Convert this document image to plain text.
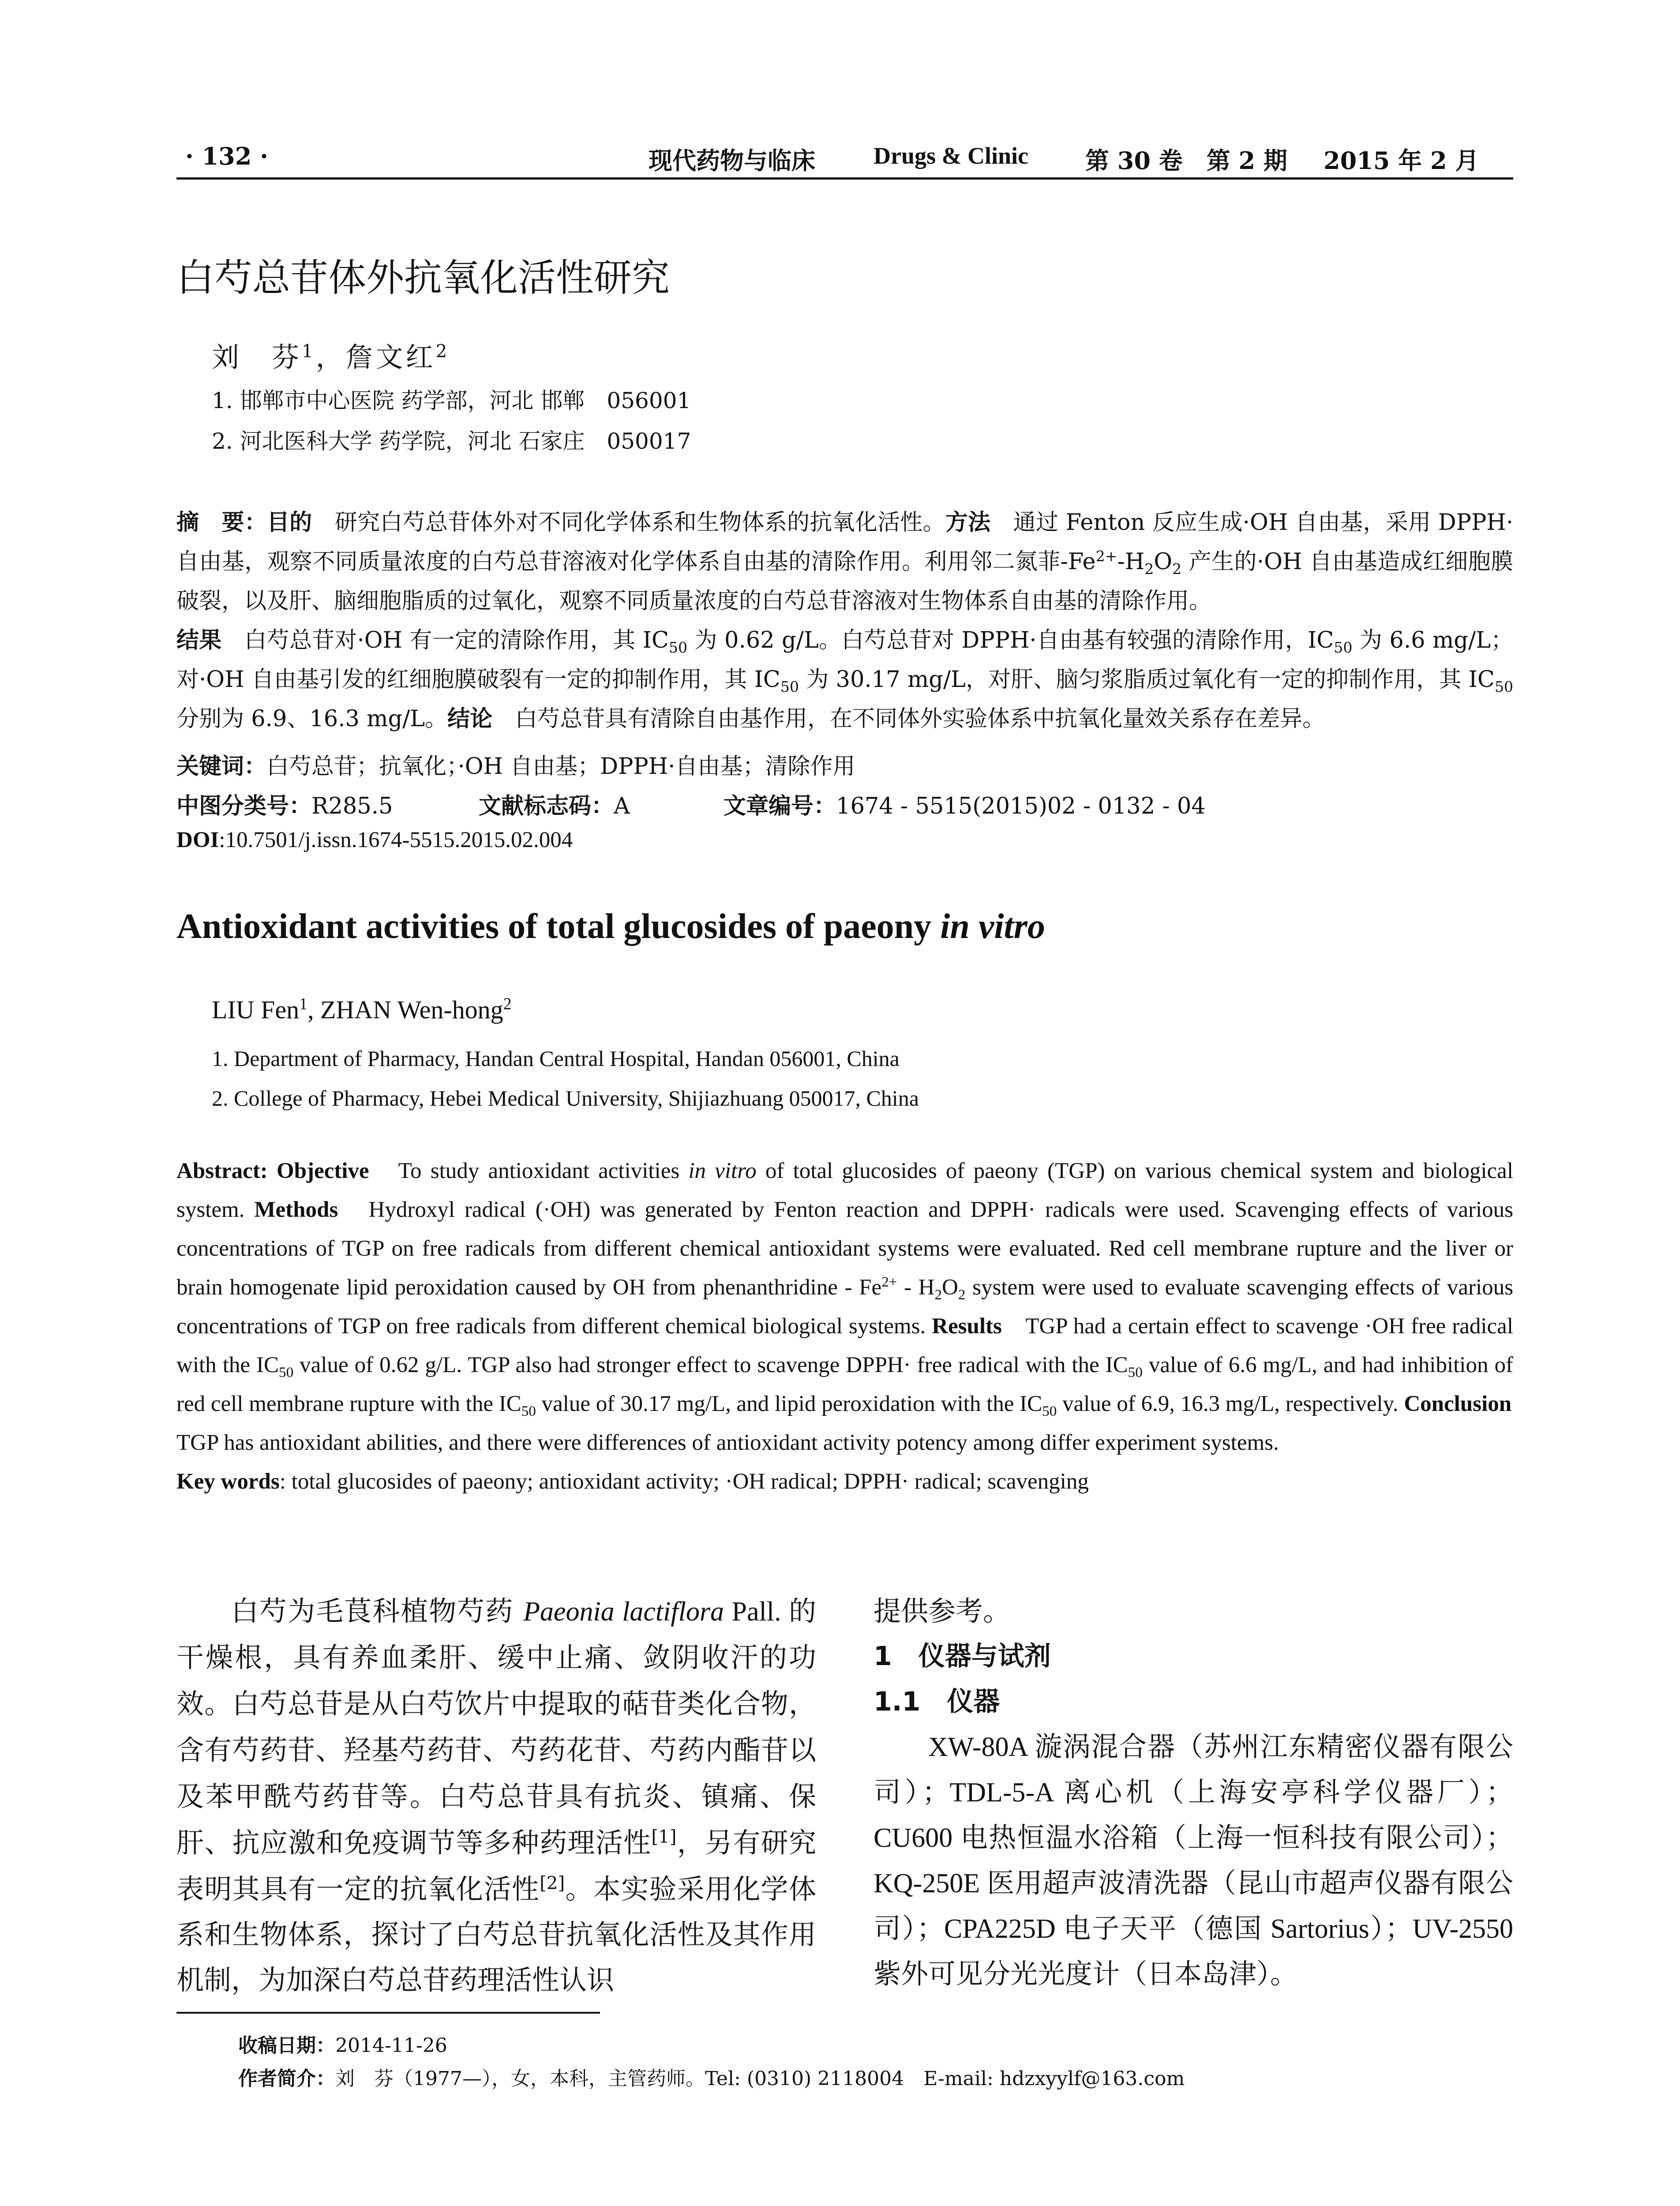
· 132 ·	现代药物与临床 Drugs & Clinic 第 30 卷　第 2 期 2015 年 2 月
白芍总苷体外抗氧化活性研究
刘　芬$^1$，詹文红$^2$
1. 邯郸市中心医院 药学部，河北 邯郸　056001
2. 河北医科大学 药学院，河北 石家庄　050017
摘　要：目的　研究白芍总苷体外对不同化学体系和生物体系的抗氧化活性。方法　通过 Fenton 反应生成·OH 自由基，采用 DPPH·自由基，观察不同质量浓度的白芍总苷溶液对化学体系自由基的清除作用。利用邻二氮菲$-Fe^{2+}-H_2O_2$ 产生的·OH 自由基造成红细胞膜破裂，以及肝、脑细胞脂质的过氧化，观察不同质量浓度的白芍总苷溶液对生物体系自由基的清除作用。
结果　白芍总苷对·OH 有一定的清除作用，其 $IC_{50}$ 为 0.62 g/L。白芍总苷对 DPPH·自由基有较强的清除作用，$IC_{50}$ 为 6.6 mg/L；对·OH 自由基引发的红细胞膜破裂有一定的抑制作用，其 $IC_{50}$ 为 30.17 mg/L，对肝、脑匀浆脂质过氧化有一定的抑制作用，其 $IC_{50}$ 分别为 6.9、16.3 mg/L。结论　白芍总苷具有清除自由基作用，在不同体外实验体系中抗氧化量效关系存在差异。
关键词：白芍总苷；抗氧化；·OH 自由基；DPPH·自由基；清除作用
中图分类号：R285.5	文献标志码：A	文章编号：1674 - 5515(2015)02 - 0132 - 04
DOI:10.7501/j.issn.1674-5515.2015.02.004
Antioxidant activities of total glucosides of paeony in vitro
LIU Fen$^1$, ZHAN Wen-hong$^2$
1. Department of Pharmacy, Handan Central Hospital, Handan 056001, China
2. College of Pharmacy, Hebei Medical University, Shijiazhuang 050017, China
Abstract: Objective　To study antioxidant activities in vitro of total glucosides of paeony (TGP) on various chemical system and biological system. Methods　Hydroxyl radical (·OH) was generated by Fenton reaction and DPPH· radicals were used. Scavenging effects of various concentrations of TGP on free radicals from different chemical antioxidant systems were evaluated. Red cell membrane rupture and the liver or brain homogenate lipid peroxidation caused by OH from phenanthridine - $Fe^{2+} - H_2O_2$ system were used to evaluate scavenging effects of various concentrations of TGP on free radicals from different chemical biological systems. Results　TGP had a certain effect to scavenge ·OH free radical with the $IC_{50}$ value of 0.62 g/L. TGP also had stronger effect to scavenge DPPH· free radical with the $IC_{50}$ value of 6.6 mg/L, and had inhibition of red cell membrane rupture with the $IC_{50}$ value of 30.17 mg/L, and lipid peroxidation with the $IC_{50}$ value of 6.9, 16.3 mg/L, respectively. Conclusion　TGP has antioxidant abilities, and there were differences of antioxidant activity potency among differ experiment systems.
Key words: total glucosides of paeony; antioxidant activity; ·OH radical; DPPH· radical; scavenging

白芍为毛茛科植物芍药 Paeonia lactiflora Pall. 的干燥根，具有养血柔肝、缓中止痛、敛阴收汗的功效。白芍总苷是从白芍饮片中提取的萜苷类化合物，含有芍药苷、羟基芍药苷、芍药花苷、芍药内酯苷以及苯甲酰芍药苷等。白芍总苷具有抗炎、镇痛、保肝、抗应激和免疫调节等多种药理活性[1]，另有研究表明其具有一定的抗氧化活性[2]。本实验采用化学体系和生物体系，探讨了白芍总苷抗氧化活性及其作用机制，为加深白芍总苷药理活性认识

提供参考。
1　仪器与试剂
1.1　仪器

XW-80A 漩涡混合器（苏州江东精密仪器有限公司）；TDL-5-A 离心机（上海安亭科学仪器厂）；CU600 电热恒温水浴箱（上海一恒科技有限公司）；KQ-250E 医用超声波清洗器（昆山市超声仪器有限公司）；CPA225D 电子天平（德国 Sartorius）；UV-2550 紫外可见分光光度计（日本岛津）。

收稿日期：2014-11-26
作者简介：刘　芬（1977—），女，本科，主管药师。Tel: (0310) 2118004　E-mail: hdzxyylf@163.com
